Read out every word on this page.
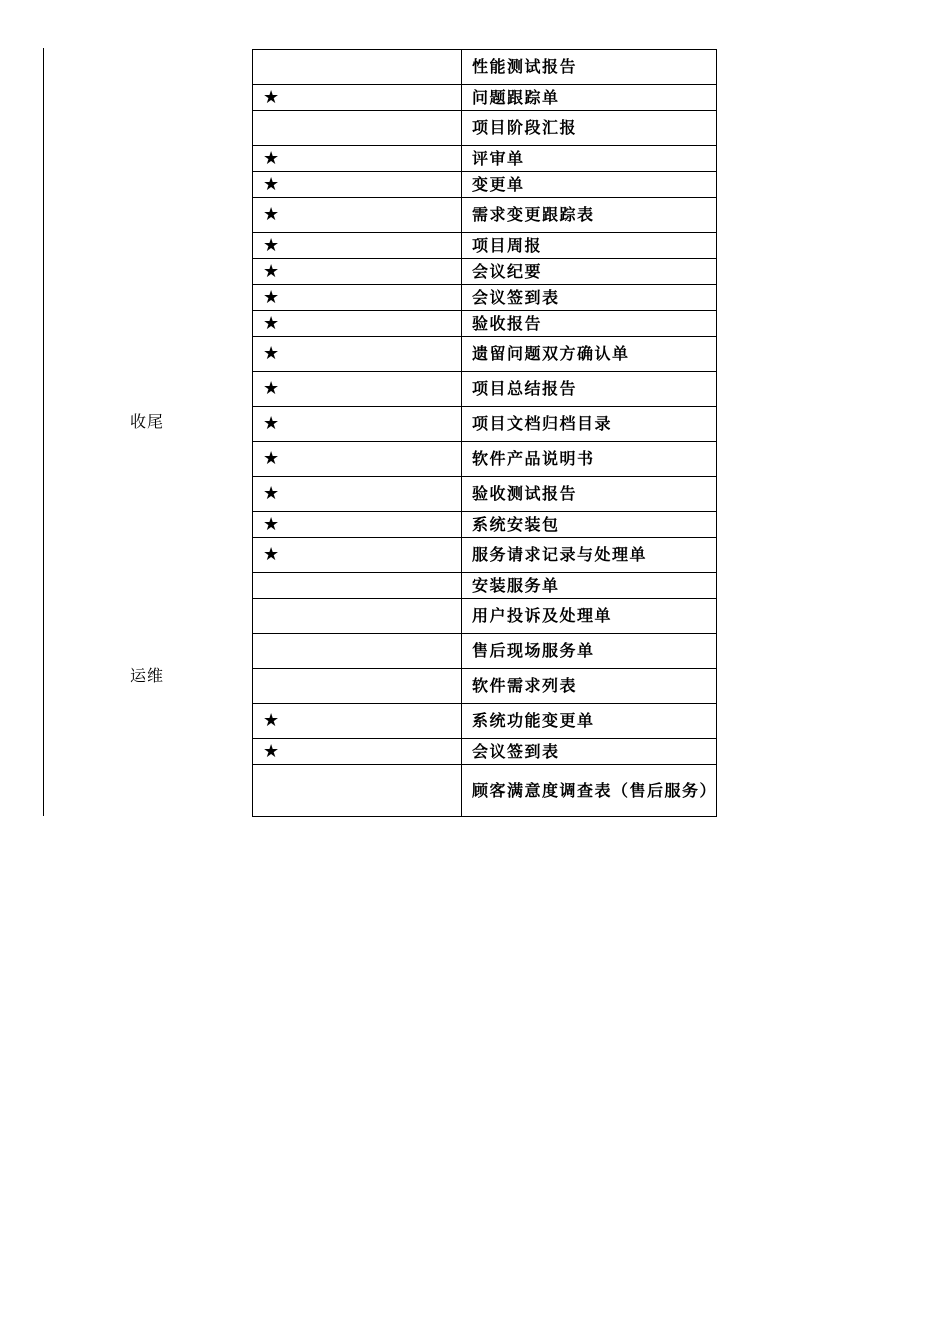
收尾
运维
	性能测试报告
★	问题跟踪单
	项目阶段汇报
★	评审单
★	变更单
★	需求变更跟踪表
★	项目周报
★	会议纪要
★	会议签到表
★	验收报告
★	遗留问题双方确认单
★	项目总结报告
★	项目文档归档目录
★	软件产品说明书
★	验收测试报告
★	系统安装包
★	服务请求记录与处理单
	安装服务单
	用户投诉及处理单
	售后现场服务单
	软件需求列表
★	系统功能变更单
★	会议签到表
	顾客满意度调查表（售后服务）
